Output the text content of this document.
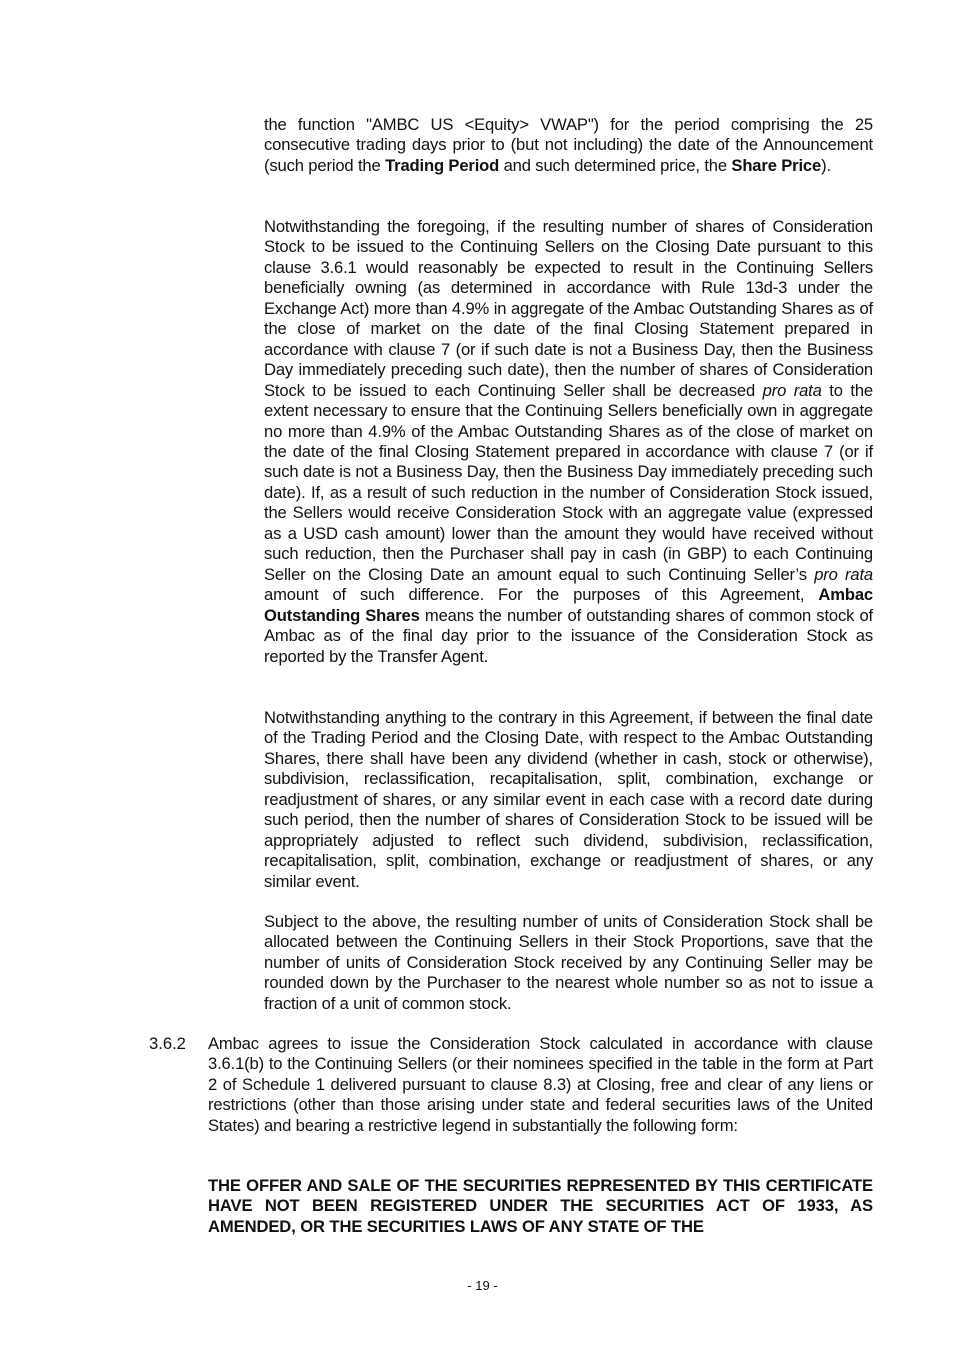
the function "AMBC US <Equity> VWAP") for the period comprising the 25 consecutive trading days prior to (but not including) the date of the Announcement (such period the Trading Period and such determined price, the Share Price).

Notwithstanding the foregoing, if the resulting number of shares of Consideration Stock to be issued to the Continuing Sellers on the Closing Date pursuant to this clause 3.6.1 would reasonably be expected to result in the Continuing Sellers beneficially owning (as determined in accordance with Rule 13d-3 under the Exchange Act) more than 4.9% in aggregate of the Ambac Outstanding Shares as of the close of market on the date of the final Closing Statement prepared in accordance with clause 7 (or if such date is not a Business Day, then the Business Day immediately preceding such date), then the number of shares of Consideration Stock to be issued to each Continuing Seller shall be decreased pro rata to the extent necessary to ensure that the Continuing Sellers beneficially own in aggregate no more than 4.9% of the Ambac Outstanding Shares as of the close of market on the date of the final Closing Statement prepared in accordance with clause 7 (or if such date is not a Business Day, then the Business Day immediately preceding such date). If, as a result of such reduction in the number of Consideration Stock issued, the Sellers would receive Consideration Stock with an aggregate value (expressed as a USD cash amount) lower than the amount they would have received without such reduction, then the Purchaser shall pay in cash (in GBP) to each Continuing Seller on the Closing Date an amount equal to such Continuing Seller’s pro rata amount of such difference. For the purposes of this Agreement, Ambac Outstanding Shares means the number of outstanding shares of common stock of Ambac as of the final day prior to the issuance of the Consideration Stock as reported by the Transfer Agent.

Notwithstanding anything to the contrary in this Agreement, if between the final date of the Trading Period and the Closing Date, with respect to the Ambac Outstanding Shares, there shall have been any dividend (whether in cash, stock or otherwise), subdivision, reclassification, recapitalisation, split, combination, exchange or readjustment of shares, or any similar event in each case with a record date during such period, then the number of shares of Consideration Stock to be issued will be appropriately adjusted to reflect such dividend, subdivision, reclassification, recapitalisation, split, combination, exchange or readjustment of shares, or any similar event.

Subject to the above, the resulting number of units of Consideration Stock shall be allocated between the Continuing Sellers in their Stock Proportions, save that the number of units of Consideration Stock received by any Continuing Seller may be rounded down by the Purchaser to the nearest whole number so as not to issue a fraction of a unit of common stock.

3.6.2 Ambac agrees to issue the Consideration Stock calculated in accordance with clause 3.6.1(b) to the Continuing Sellers (or their nominees specified in the table in the form at Part 2 of Schedule 1 delivered pursuant to clause 8.3) at Closing, free and clear of any liens or restrictions (other than those arising under state and federal securities laws of the United States) and bearing a restrictive legend in substantially the following form:

THE OFFER AND SALE OF THE SECURITIES REPRESENTED BY THIS CERTIFICATE HAVE NOT BEEN REGISTERED UNDER THE SECURITIES ACT OF 1933, AS AMENDED, OR THE SECURITIES LAWS OF ANY STATE OF THE

- 19 -
